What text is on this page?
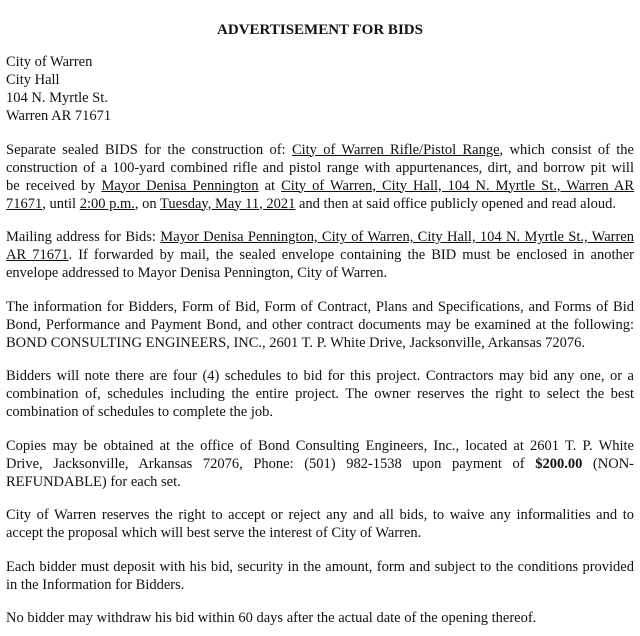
ADVERTISEMENT FOR BIDS
City of Warren
City Hall
104 N. Myrtle St.
Warren AR 71671
Separate sealed BIDS for the construction of: City of Warren Rifle/Pistol Range, which consist of the
construction of a 100-yard combined rifle and pistol range with appurtenances, dirt, and borrow pit will
be received by Mayor Denisa Pennington at City of Warren, City Hall, 104 N. Myrtle St., Warren AR
71671, until 2:00 p.m., on Tuesday, May 11, 2021 and then at said office publicly opened and read aloud.
Mailing address for Bids: Mayor Denisa Pennington, City of Warren, City Hall, 104 N. Myrtle St., Warren
AR 71671. If forwarded by mail, the sealed envelope containing the BID must be enclosed in another
envelope addressed to Mayor Denisa Pennington, City of Warren.
The information for Bidders, Form of Bid, Form of Contract, Plans and Specifications, and Forms of Bid
Bond, Performance and Payment Bond, and other contract documents may be examined at the following:
BOND CONSULTING ENGINEERS, INC., 2601 T. P. White Drive, Jacksonville, Arkansas 72076.
Bidders will note there are four (4) schedules to bid for this project. Contractors may bid any one, or a
combination of, schedules including the entire project. The owner reserves the right to select the best
combination of schedules to complete the job.
Copies may be obtained at the office of Bond Consulting Engineers, Inc., located at 2601 T. P. White
Drive, Jacksonville, Arkansas 72076, Phone: (501) 982-1538 upon payment of $200.00 (NON-
REFUNDABLE) for each set.
City of Warren reserves the right to accept or reject any and all bids, to waive any informalities and to
accept the proposal which will best serve the interest of City of Warren.
Each bidder must deposit with his bid, security in the amount, form and subject to the conditions provided
in the Information for Bidders.
No bidder may withdraw his bid within 60 days after the actual date of the opening thereof.
